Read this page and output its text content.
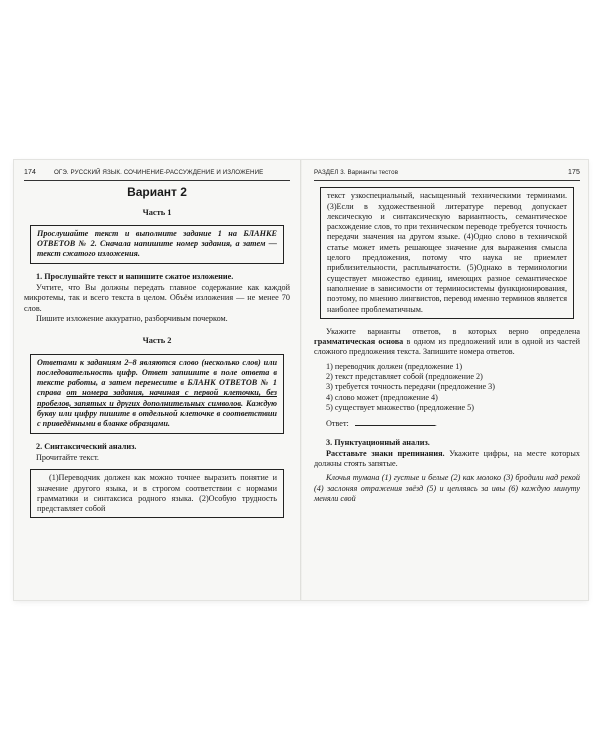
174	ОГЭ. РУССКИЙ ЯЗЫК. СОЧИНЕНИЕ-РАССУЖДЕНИЕ И ИЗЛОЖЕНИЕ
Вариант 2
Часть 1
Прослушайте текст и выполните задание 1 на БЛАНКЕ ОТВЕТОВ № 2. Сначала напишите номер задания, а затем — текст сжатого изложения.
1. Прослушайте текст и напишите сжатое изложение.
Учтите, что Вы должны передать главное содержание как каждой микротемы, так и всего текста в целом. Объём изложения — не менее 70 слов.
Пишите изложение аккуратно, разборчивым почерком.
Часть 2
Ответами к заданиям 2–8 являются слово (несколько слов) или последовательность цифр. Ответ запишите в поле ответа в тексте работы, а затем перенесите в БЛАНК ОТВЕТОВ № 1 справа от номера задания, начиная с первой клеточки, без пробелов, запятых и других дополнительных символов. Каждую букву или цифру пишите в отдельной клеточке в соответствии с приведёнными в бланке образцами.
2. Синтаксический анализ.
Прочитайте текст.
(1)Переводчик должен как можно точнее выразить понятие и значение другого языка, и в строгом соответствии с нормами грамматики и синтаксиса родного языка. (2)Особую трудность представляет собой
РАЗДЕЛ 3. Варианты тестов	175
текст узкоспециальный, насыщенный техническими терминами. (3)Если в художественной литературе перевод допускает лексическую и синтаксическую вариантность, семантическое расхождение слов, то при техническом переводе требуется точность передачи значения на другом языке. (4)Одно слово в техничской статье может иметь решающее значение для выражения смысла целого предложения, потому что наука не приемлет приблизительности, расплывчатости. (5)Однако в терминологии существует множество единиц, имеющих разное семантическое наполнение в зависимости от терминосистемы функционирования, поэтому, по мнению лингвистов, перевод именно терминов является наиболее проблематичным.
Укажите варианты ответов, в которых верно определена грамматическая основа в одном из предложений или в одной из частей сложного предложения текста. Запишите номера ответов.
1) переводчик должен (предложение 1)
2) текст представляет собой (предложение 2)
3) требуется точность передачи (предложение 3)
4) слово может (предложение 4)
5) существует множество (предложение 5)
Ответ:	.
3. Пунктуационный анализ.
Расставьте знаки препинания. Укажите цифры, на месте которых должны стоять запятые.
Клочья тумана (1) густые и белые (2) как молоко (3) бродили над рекой (4) заслоняя отражения звёзд (5) и цепляясь за ивы (6) каждую минуту меняли свой
